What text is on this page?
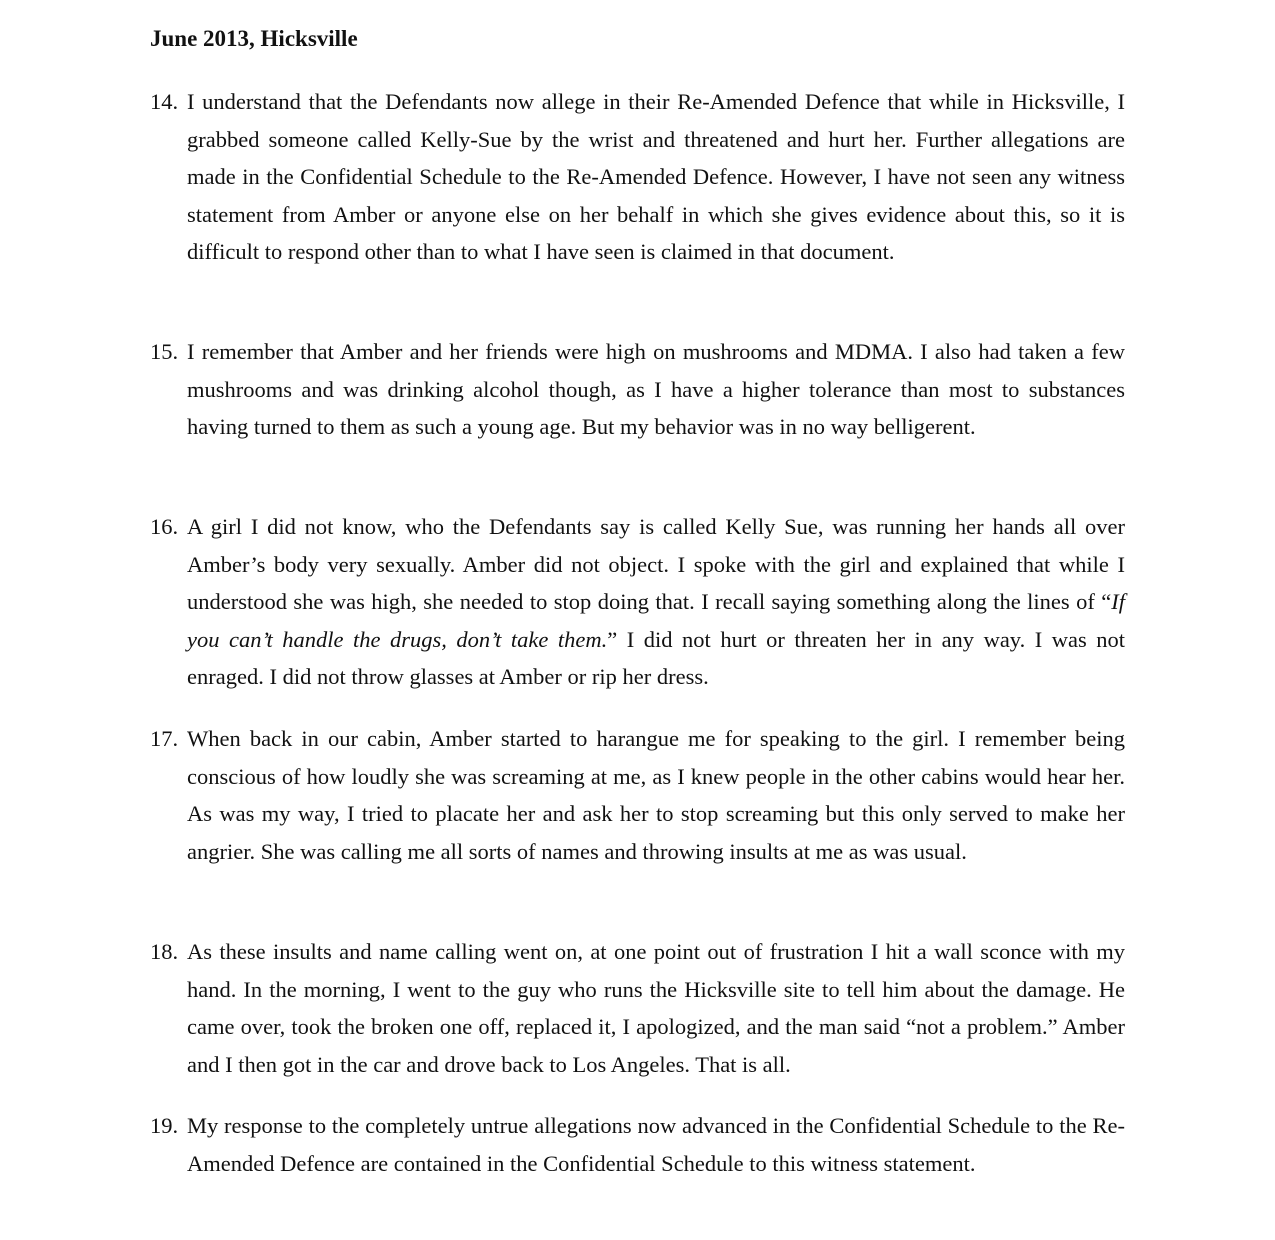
June 2013, Hicksville
14. I understand that the Defendants now allege in their Re-Amended Defence that while in Hicksville, I grabbed someone called Kelly-Sue by the wrist and threatened and hurt her. Further allegations are made in the Confidential Schedule to the Re-Amended Defence. However, I have not seen any witness statement from Amber or anyone else on her behalf in which she gives evidence about this, so it is difficult to respond other than to what I have seen is claimed in that document.
15. I remember that Amber and her friends were high on mushrooms and MDMA. I also had taken a few mushrooms and was drinking alcohol though, as I have a higher tolerance than most to substances having turned to them as such a young age. But my behavior was in no way belligerent.
16. A girl I did not know, who the Defendants say is called Kelly Sue, was running her hands all over Amber’s body very sexually. Amber did not object. I spoke with the girl and explained that while I understood she was high, she needed to stop doing that. I recall saying something along the lines of “If you can’t handle the drugs, don’t take them.” I did not hurt or threaten her in any way. I was not enraged. I did not throw glasses at Amber or rip her dress.
17. When back in our cabin, Amber started to harangue me for speaking to the girl. I remember being conscious of how loudly she was screaming at me, as I knew people in the other cabins would hear her. As was my way, I tried to placate her and ask her to stop screaming but this only served to make her angrier. She was calling me all sorts of names and throwing insults at me as was usual.
18. As these insults and name calling went on, at one point out of frustration I hit a wall sconce with my hand. In the morning, I went to the guy who runs the Hicksville site to tell him about the damage. He came over, took the broken one off, replaced it, I apologized, and the man said “not a problem.” Amber and I then got in the car and drove back to Los Angeles. That is all.
19. My response to the completely untrue allegations now advanced in the Confidential Schedule to the Re-Amended Defence are contained in the Confidential Schedule to this witness statement.
